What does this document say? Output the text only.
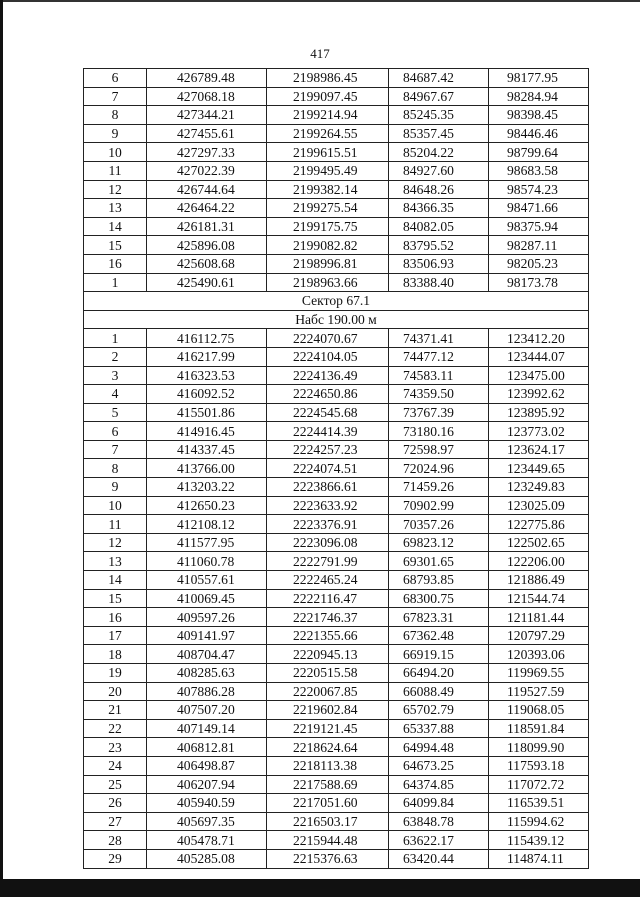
417
6	426789.48	2198986.45	84687.42	98177.95
7	427068.18	2199097.45	84967.67	98284.94
8	427344.21	2199214.94	85245.35	98398.45
9	427455.61	2199264.55	85357.45	98446.46
10	427297.33	2199615.51	85204.22	98799.64
11	427022.39	2199495.49	84927.60	98683.58
12	426744.64	2199382.14	84648.26	98574.23
13	426464.22	2199275.54	84366.35	98471.66
14	426181.31	2199175.75	84082.05	98375.94
15	425896.08	2199082.82	83795.52	98287.11
16	425608.68	2198996.81	83506.93	98205.23
1	425490.61	2198963.66	83388.40	98173.78
Сектор 67.1				
Набс 190.00 м				
1	416112.75	2224070.67	74371.41	123412.20
2	416217.99	2224104.05	74477.12	123444.07
3	416323.53	2224136.49	74583.11	123475.00
4	416092.52	2224650.86	74359.50	123992.62
5	415501.86	2224545.68	73767.39	123895.92
6	414916.45	2224414.39	73180.16	123773.02
7	414337.45	2224257.23	72598.97	123624.17
8	413766.00	2224074.51	72024.96	123449.65
9	413203.22	2223866.61	71459.26	123249.83
10	412650.23	2223633.92	70902.99	123025.09
11	412108.12	2223376.91	70357.26	122775.86
12	411577.95	2223096.08	69823.12	122502.65
13	411060.78	2222791.99	69301.65	122206.00
14	410557.61	2222465.24	68793.85	121886.49
15	410069.45	2222116.47	68300.75	121544.74
16	409597.26	2221746.37	67823.31	121181.44
17	409141.97	2221355.66	67362.48	120797.29
18	408704.47	2220945.13	66919.15	120393.06
19	408285.63	2220515.58	66494.20	119969.55
20	407886.28	2220067.85	66088.49	119527.59
21	407507.20	2219602.84	65702.79	119068.05
22	407149.14	2219121.45	65337.88	118591.84
23	406812.81	2218624.64	64994.48	118099.90
24	406498.87	2218113.38	64673.25	117593.18
25	406207.94	2217588.69	64374.85	117072.72
26	405940.59	2217051.60	64099.84	116539.51
27	405697.35	2216503.17	63848.78	115994.62
28	405478.71	2215944.48	63622.17	115439.12
29	405285.08	2215376.63	63420.44	114874.11
